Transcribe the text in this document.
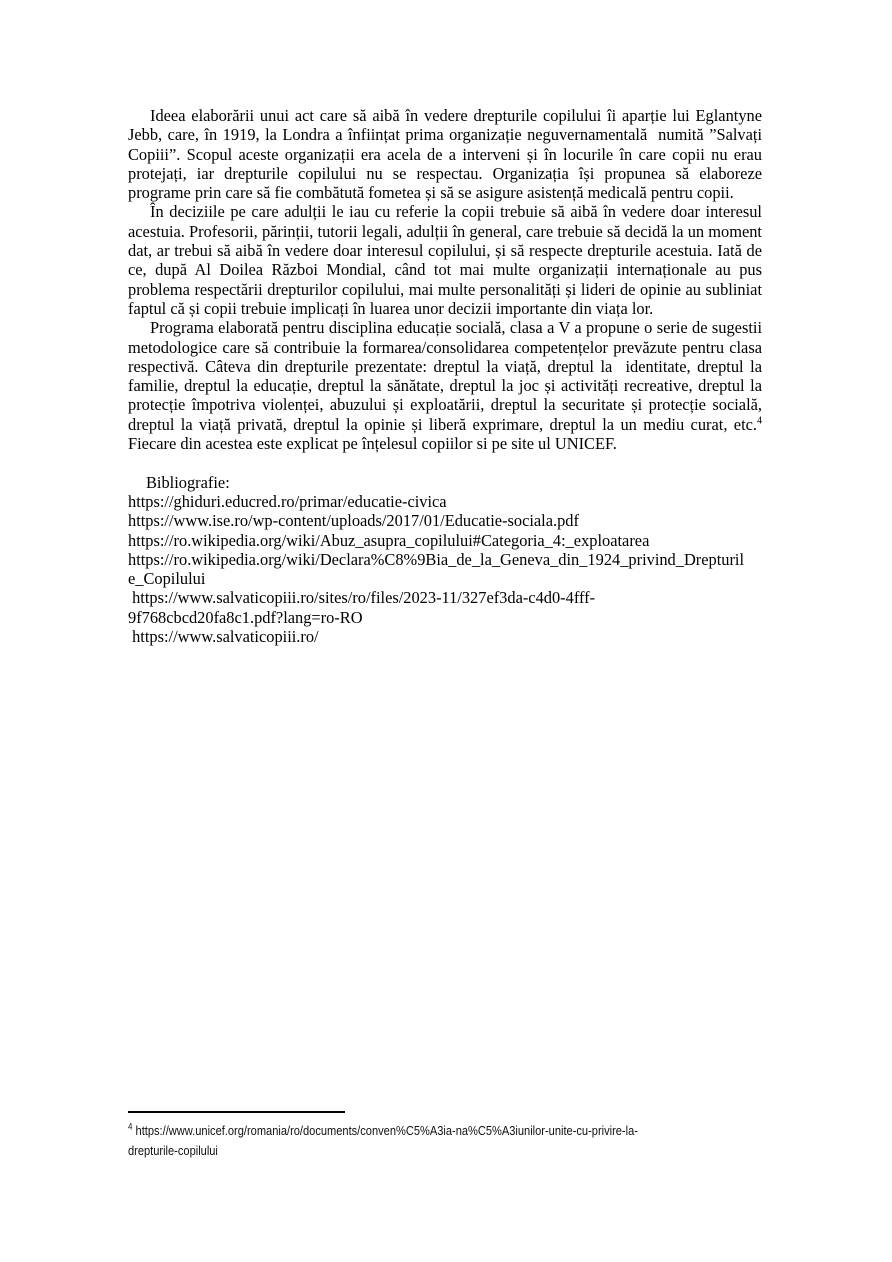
Ideea elaborării unui act care să aibă în vedere drepturile copilului îi aparție lui Eglantyne Jebb, care, în 1919, la Londra a înființat prima organizație neguvernamentală  numită ”Salvați Copiii”. Scopul aceste organizații era acela de a interveni și în locurile în care copii nu erau protejați, iar drepturile copilului nu se respectau. Organizația își propunea să elaboreze programe prin care să fie combătută fometea și să se asigure asistență medicală pentru copii.

În deciziile pe care adulții le iau cu referie la copii trebuie să aibă în vedere doar interesul acestuia. Profesorii, părinții, tutorii legali, adulții în general, care trebuie să decidă la un moment dat, ar trebui să aibă în vedere doar interesul copilului, și să respecte drepturile acestuia. Iată de ce, după Al Doilea Război Mondial, când tot mai multe organizații internaționale au pus problema respectării drepturilor copilului, mai multe personalități și lideri de opinie au subliniat faptul că și copii trebuie implicați în luarea unor decizii importante din viața lor.

Programa elaborată pentru disciplina educație socială, clasa a V a propune o serie de sugestii metodologice care să contribuie la formarea/consolidarea competențelor prevăzute pentru clasa respectivă. Câteva din drepturile prezentate: dreptul la viață, dreptul la  identitate, dreptul la familie, dreptul la educație, dreptul la sănătate, dreptul la joc și activități recreative, dreptul la protecție împotriva violenței, abuzului și exploatării, dreptul la securitate și protecție socială, dreptul la viață privată, dreptul la opinie și liberă exprimare, dreptul la un mediu curat, etc.$^4$ Fiecare din acestea este explicat pe înțelesul copiilor si pe site ul UNICEF.

Bibliografie:
https://ghiduri.educred.ro/primar/educatie-civica
https://www.ise.ro/wp-content/uploads/2017/01/Educatie-sociala.pdf
https://ro.wikipedia.org/wiki/Abuz_asupra_copilului#Categoria_4:_exploatarea
https://ro.wikipedia.org/wiki/Declara%C8%9Bia_de_la_Geneva_din_1924_privind_Drepturil
e_Copilului
https://www.salvaticopiii.ro/sites/ro/files/2023-11/327ef3da-c4d0-4fff-
9f768cbcd20fa8c1.pdf?lang=ro-RO
https://www.salvaticopiii.ro/
$^4$ https://www.unicef.org/romania/ro/documents/conven%C5%A3ia-na%C5%A3iunilor-unite-cu-privire-la-
drepturile-copilului
